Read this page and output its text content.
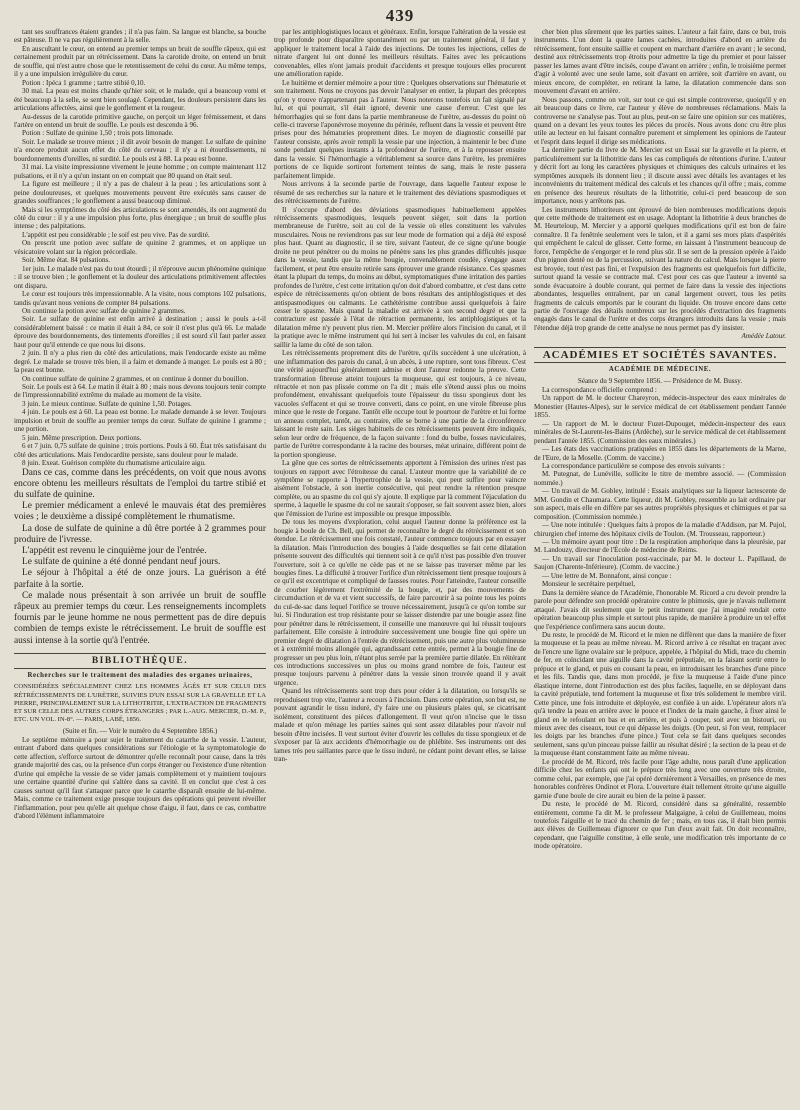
439

tant ses souffrances étaient grandes ; il n'a pas faim. Sa langue est blanche, sa bouche est pâteuse. Il ne va pas régulièrement à la selle.

En auscultant le cœur, on entend au premier temps un bruit de souffle râpeux, qui est certainement produit par un rétrécissement. Dans la carotide droite, on entend un bruit de souffle, qui n'est autre chose que le retentissement de celui du cœur. Au même temps, il y a une impulsion irrégulière du cœur.

Potion : Ipéca 1 gramme ; tartre stibié 0,10.

30 mai. La peau est moins chaude qu'hier soir, et le malade, qui a beaucoup vomi et été beaucoup à la selle, se sent bien soulagé. Cependant, les douleurs persistent dans les articulations affectées, ainsi que le gonflement et la rougeur.

Au-dessus de la carotide primitive gauche, on perçoit un léger frémissement, et dans l'artère on entend un bruit de souffle. Le pouls est descendu à 96.

Potion : Sulfate de quinine 1,50 ; trois pots limonade.

Soir. Le malade se trouve mieux ; il dit avoir besoin de manger. Le sulfate de quinine n'a encore produit aucun effet du côté du cerveau ; il n'y a ni étourdissements, ni bourdonnements d'oreilles, ni surdité. Le pouls est à 88. La peau est bonne.

31 mai. La visite impressionne vivement le jeune homme ; on compte maintenant 112 pulsations, et il n'y a qu'un instant on en comptait que 80 quand on était seul.

La figure est meilleure ; il n'y a pas de chaleur à la peau ; les articulations sont à peine douloureuses, et quelques mouvements peuvent être exécutés sans causer de grandes souffrances ; le gonflement a aussi beaucoup diminué.

Mais si les symptômes du côté des articulations se sont amendés, ils ont augmenté du côté du cœur : il y a une impulsion plus forte, plus énergique ; un bruit de souffle plus intense ; des palpitations.

L'appétit est peu considérable ; le soif est peu vive. Pas de surdité.

On prescrit une potion avec sulfate de quinine 2 grammes, et on applique un vésicatoire volant sur la région précordiale.

Soir. Même état. 84 pulsations.

1er juin. Le malade n'est pas du tout étourdi ; il n'éprouve aucun phénomène quinique : il se trouve bien ; le gonflement et la douleur des articulations primitivement affectées ont disparu.

Le cœur est toujours très impressionnable. A la visite, nous comptons 102 pulsations, tandis qu'avant nous venions de compter 84 pulsations.

On continue la potion avec sulfate de quinine 2 grammes.

Soir. Le sulfate de quinine est enfin arrivé à destination ; aussi le pouls a-t-il considérablement baissé : ce matin il était à 84, ce soir il n'est plus qu'à 66. Le malade éprouve des bourdonnements, des tintements d'oreilles ; il est sourd s'il faut parler assez haut pour qu'il entende ce que nous lui disons.

2 juin. Il n'y a plus rien du côté des articulations, mais l'endocarde existe au même degré. Le malade se trouve très bien, il a faim et demande à manger. Le pouls est à 80 ; la peau est bonne.

On continue sulfate de quinine 2 grammes, et on continue à donner du bouillon.

Soir. Le pouls est à 64. Le matin il était à 80 ; mais nous devons toujours tenir compte de l'impressionnabilité extrême du malade au moment de la visite.

3 juin. Le mieux continue. Sulfate de quinine 1,50. Potages.

4 juin. Le pouls est à 60. La peau est bonne. Le malade demande à se lever. Toujours impulsion et bruit de souffle au premier temps du cœur. Sulfate de quinine 1 gramme ; une portion.

5 juin. Même prescription. Deux portions.

6 et 7 juin. 0,75 sulfate de quinine ; trois portions. Pouls à 60. État très satisfaisant du côté des articulations. Mais l'endocardite persiste, sans douleur pour le malade.

8 juin. Exeat. Guérison complète du rhumatisme articulaire aigu.

Dans ce cas, comme dans les précédents, on voit que nous avons encore obtenu les meilleurs résultats de l'emploi du tartre stibié et du sulfate de quinine.

Le premier médicament a enlevé le mauvais état des premières voies ; le deuxième a dissipé complètement le rhumatisme.

La dose de sulfate de quinine a dû être portée à 2 grammes pour produire de l'ivresse.

L'appétit est revenu le cinquième jour de l'entrée.

Le sulfate de quinine a été donné pendant neuf jours.

Le séjour à l'hôpital a été de onze jours. La guérison a été parfaite à la sortie.

Ce malade nous présentait à son arrivée un bruit de souffle râpeux au premier temps du cœur. Les renseignements incomplets fournis par le jeune homme ne nous permettent pas de dire depuis combien de temps existe le rétrécissement. Le bruit de souffle est aussi intense à la sortie qu'à l'entrée.

BIBLIOTHÈQUE.
Recherches sur le traitement des maladies des organes urinaires,
CONSIDÉRÉES SPÉCIALEMENT CHEZ LES HOMMES ÂGÉS ET SUR CELUI DES RÉTRÉCISSEMENTS DE L'URÈTRE, SUIVIES D'UN ESSAI SUR LA GRAVELLE ET LA PIERRE, PRINCIPALEMENT SUR LA LITHOTRITIE, L'EXTRACTION DE FRAGMENTS ET SUR CELLE DES AUTRES CORPS ÉTRANGERS ; PAR L.-AUG. MERCIER, D.-M. P., ETC. UN VOL. IN-8°. — PARIS, LABÉ, 1856.

(Suite et fin. — Voir le numéro du 4 Septembre 1856.)

Le septième mémoire a pour sujet le traitement du catarrhe de la vessie. L'auteur, entrant d'abord dans quelques considérations sur l'étiologie et la symptomatologie de cette affection, s'efforce surtout de démontrer qu'elle reconnaît pour cause, dans la très grande majorité des cas, ou la présence d'un corps étranger ou l'existence d'une rétention d'urine qui empêche la vessie de se vider jamais complètement et y maintient toujours une certaine quantité d'urine qui s'altère dans sa cavité. Il en conclut que c'est à ces causes surtout qu'il faut s'attaquer parce que le catarrhe disparaît ensuite de lui-même. Mais, comme ce traitement exige presque toujours des opérations qui peuvent réveiller l'inflammation, pour peu qu'elle ait quelque chose d'aigu, il faut, dans ce cas, combattre d'abord l'élément inflammatoire

par les antiphlogistiques locaux et généraux. Enfin, lorsque l'altération de la vessie est trop profonde pour disparaître spontanément ou par un traitement général, il faut y appliquer le traitement local à l'aide des injections. De toutes les injections, celles de nitrate d'argent lui ont donné les meilleurs résultats. Faites avec les précautions convenables, elles n'ont jamais produit d'accidents et presque toujours elles procurent une amélioration rapide.

Le huitième et dernier mémoire a pour titre : Quelques observations sur l'hématurie et son traitement. Nous ne croyons pas devoir l'analyser en entier, la plupart des préceptes qu'on y trouve n'appartenant pas à l'auteur. Nous noterons toutefois un fait signalé par lui, et qui pourrait, s'il était ignoré, devenir une cause d'erreur. C'est que les hémorrhagies qui se font dans la partie membraneuse de l'urètre, au-dessus du point où celle-ci traverse l'aponévrose moyenne du périnée, refluent dans la vessie et peuvent être prises pour des hématuries proprement dites. Le moyen de diagnostic conseillé par l'auteur consiste, après avoir rempli la vessie par une injection, à maintenir le bec d'une sonde pendant quelques instants à la profondeur de l'urètre, et à la repousser ensuite dans la vessie. Si l'hémorrhagie a véritablement sa source dans l'urètre, les premières portions de ce liquide sortiront fortement teintes de sang, mais le reste passera parfaitement limpide.

Nous arrivons à la seconde partie de l'ouvrage, dans laquelle l'auteur expose le résumé de ses recherches sur la nature et le traitement des déviations spasmodiques et des rétrécissements de l'urètre.

Il s'occupe d'abord des déviations spasmodiques habituellement appelées rétrécissements spasmodiques, lesquels peuvent siéger, soit dans la portion membraneuse de l'urètre, soit au col de la vessie où elles constituent les valvules musculaires. Nous ne reviendrons pas sur leur mode de formation qui a déjà été exposé plus haut. Quant au diagnostic, il se tire, suivant l'auteur, de ce signe qu'une bougie droite ne peut pénétrer ou du moins ne pénètre sans les plus grandes difficultés jusque dans la vessie, tandis que la même bougie, convenablement coudée, s'engage assez facilement, et peut être ensuite retirée sans éprouver une grande résistance. Ces spasmes étant la plupart du temps, du moins au début, symptomatiques d'une irritation des parties profondes de l'urètre, c'est cette irritation qu'on doit d'abord combattre, et c'est dans cette espèce de rétrécissements qu'on obtient de bons résultats des antiphlogistiques et des antispasmodiques ou calmants. Le cathétérisme contribue aussi quelquefois à faire cesser le spasme. Mais quand la maladie est arrivée à son second degré et que la contracture est passée à l'état de rétraction permanente, les antiphlogistiques et la dilatation même n'y peuvent plus rien. M. Mercier préfère alors l'incision du canal, et il la pratique avec le même instrument qui lui sert à inciser les valvules du col, en faisant saillir la lame du côté de son talon.

Les rétrécissements proprement dits de l'urètre, qu'ils succèdent à une ulcération, à une inflammation des parois du canal, à un abcès, à une rupture, sont tous fibreux. C'est une vérité aujourd'hui généralement admise et dont l'auteur redonne la preuve. Cette transformation fibreuse atteint toujours la muqueuse, qui est toujours, à ce niveau, rétractée et non pas plissée comme on l'a dit ; mais elle s'étend aussi plus ou moins profondément, envahissant quelquefois toute l'épaisseur du tissu spongieux dont les vacuoles s'effacent et qui se trouve converti, dans ce point, en une virole fibreuse plus mince que le reste de l'organe. Tantôt elle occupe tout le pourtour de l'urètre et lui forme un anneau complet, tantôt, au contraire, elle se borne à une partie de la circonférence laissant le reste sain. Les sièges habituels de ces rétrécissements peuvent être indiqués, selon leur ordre de fréquence, de la façon suivante : fond du bulbe, fosses naviculaires, partie de l'urètre correspondante à la racine des bourses, méat urinaire, différent point de la portion spongieuse.

La gêne que ces sortes de rétrécissements apportent à l'émission des urines n'est pas toujours en rapport avec l'étroitesse du canal. L'auteur montre que la variabilité de ce symptôme se rapporte à l'hypertrophie de la vessie, qui peut suffire pour vaincre aisément l'obstacle, à son inertie consécutive, qui peut rendre la rétention presque complète, ou au spasme du col qui s'y ajoute. Il explique par là comment l'éjaculation du sperme, à laquelle le spasme du col ne saurait s'opposer, se fait souvent assez bien, alors que l'émission de l'urine est impossible ou presque impossible.

De tous les moyens d'exploration, celui auquel l'auteur donne la préférence est la bougie à boule de Ch. Bell, qui permet de reconnaître le degré du rétrécissement et son étendue. Le rétrécissement une fois constaté, l'auteur commence toujours par en essayer la dilatation. Mais l'introduction des bougies à l'aide desquelles se fait cette dilatation présente souvent des difficultés qui tiennent soit à ce qu'il n'est pas possible d'en trouver l'ouverture, soit à ce qu'elle ne cède pas et ne se laisse pas traverser même par les bougies fines. La difficulté à trouver l'orifice d'un rétrécissement tient presque toujours à ce qu'il est excentrique et compliqué de fausses routes. Pour l'atteindre, l'auteur conseille de courber légèrement l'extrémité de la bougie, et, par des mouvements de circumduction et de va et vient successifs, de faire parcourir à sa pointe tous les points du cul-de-sac dans lequel l'orifice se trouve nécessairement, jusqu'à ce qu'on tombe sur lui. Si l'induration est trop résistante pour se laisser distendre par une bougie assez fine pour pénétrer dans le rétrécissement, il conseille une manœuvre qui lui réussit toujours parfaitement. Elle consiste à introduire successivement une bougie fine qui opère un premier degré de dilatation à l'entrée du rétrécissement, puis une autre plus volumineuse et à extrémité moins allongée qui, agrandissant cette entrée, permet à la bougie fine de progresser un peu plus loin, n'étant plus serrée par la première partie dilatée. En réitérant ces introductions successives un plus ou moins grand nombre de fois, l'auteur est presque toujours parvenu à pénétrer dans la vessie sinon trouvée quand il y avait urgence.

Quand les rétrécissements sont trop durs pour céder à la dilatation, ou lorsqu'ils se reproduisent trop vite, l'auteur a recours à l'incision. Dans cette opération, son but est, ne pouvant agrandir le tissu induré, d'y faire une ou plusieurs plaies qui, se cicatrisant isolément, constituent des pièces d'allongement. Il veut qu'on n'incise que le tissu malade et qu'on ménage les parties saines qui sont assez dilatables pour n'avoir nul besoin d'être incisées. Il veut surtout éviter d'ouvrir les cellules du tissu spongieux et de s'exposer par là aux accidents d'hémorrhagie ou de phlébite. Ses instruments ont des lames très peu saillantes parce que le tissu induré, ne cédant point devant elles, se laisse tran-

cher bien plus sûrement que les parties saines. L'auteur a fait faire, dans ce but, trois instruments. L'un dont la quatre lames cachées, introduites d'abord en arrière du rétrécissement, font ensuite saillie et coupent en marchant d'arrière en avant ; le second, destiné aux rétrécissements trop étroits pour admettre la tige du premier et pour laisser passer les lames avant d'être incisés, coupe d'avant en arrière ; enfin, le troisième permet d'agir à volonté avec une seule lame, soit d'avant en arrière, soit d'arrière en avant, ou mieux encore, de compléter, en retirant la lame, la dilatation commencée dans son mouvement d'avant en arrière.

Nous passons, comme on voit, sur tout ce qui est simple controverse, quoiqu'il y en ait beaucoup dans ce livre, car l'auteur y élève de nombreuses réclamations. Mais la controverse ne s'analyse pas. Tout au plus, peut-on se faire une opinion sur ces matières, quand on a devant les yeux toutes les pièces du procès. Nous avons donc cru être plus utile au lecteur en lui faisant connaître purement et simplement les opinions de l'auteur et l'esprit dans lequel il dirige ses médications.

La dernière partie du livre de M. Mercier est un Essai sur la gravelle et la pierre, et particulièrement sur la lithotritie dans les cas compliqués de rétentions d'urine. L'auteur y décrit fort au long les caractères physiques et chimiques des calculs urinaires et les symptômes auxquels ils donnent lieu ; il discute aussi avec détails les avantages et les inconvénients du traitement médical des calculs et les chances qu'il offre ; mais, comme en présence des heureux résultats de la lithotritie, celui-ci perd beaucoup de son importance, nous y arrêtons pas.

Les instruments lithotriteurs ont éprouvé de bien nombreuses modifications depuis que cette méthode de traitement est en usage. Adoptant la lithotritie à deux branches de M. Heurteloup, M. Mercier y a apporté quelques modifications qu'il est bon de faire connaître. Il l'a fenêtrée seulement vers le talon, et il a garni ses mors plats d'aspérités qui empêchent le calcul de glisser. Cette forme, en laissant à l'instrument beaucoup de force, l'empêche de s'engorger et le rend plus sûr. Il se sert de la pression opérée à l'aide d'un pignon denté ou de la percussion, suivant la nature du calcul. Mais lorsque la pierre est broyée, tout n'est pas fini, et l'expulsion des fragments est quelquefois fort difficile, surtout quand la vessie se contracte mal. C'est pour ces cas que l'auteur a inventé sa sonde évacuatoire à double courant, qui permet de faire dans la vessie des injections abondantes, lesquelles entraînent, par un canal largement ouvert, tous les petits fragments de calculs emportés par le courant du liquide. On trouve encore dans cette partie de l'ouvrage des détails nombreux sur les procédés d'extraction des fragments engagés dans le canal de l'urètre et des corps étrangers introduits dans la vessie ; mais l'étendue déjà trop grande de cette analyse ne nous permet pas d'y insister.

Amédée Latour.

ACADÉMIES ET SOCIÉTÉS SAVANTES.
ACADÉMIE DE MÉDECINE.

Séance du 9 Septembre 1856. — Présidence de M. Bussy.

La correspondance officielle comprend :

Un rapport de M. le docteur Chareyron, médecin-inspecteur des eaux minérales de Monestier (Hautes-Alpes), sur le service médical de cet établissement pendant l'année 1855.

— Un rapport de M. le docteur Fuzet-Dupouget, médecin-inspecteur des eaux minérales de St-Laurent-les-Bains (Ardèche), sur le service médical de cet établissement pendant l'année 1855. (Commission des eaux minérales.)

— Les états des vaccinations pratiquées en 1855 dans les départements de la Marne, de l'Eure, de la Moselle. (Comm. de vaccine.)

La correspondance particulière se compose des envois suivants :

M. Putegnat, de Lunéville, sollicite le titre de membre associé. — (Commission nommée.)

— Un travail de M. Gobley, intitulé : Essais analytiques sur la liqueur lactescente de MM. Gondin et Chaumara. Cette liqueur, dit M. Gobley, ressemble au lait ordinaire par son aspect, mais elle en diffère par ses autres propriétés physiques et chimiques et par sa composition. (Commission nommée.)

— Une note intitulée : Quelques faits à propos de la maladie d'Addison, par M. Pujol, chirurgien chef interne des hôpitaux civils de Toulon. (M. Trousseau, rapporteur.)

— Un mémoire ayant pour titre : De la respiration amphorique dans la pleurésie, par M. Landouzy, directeur de l'École de médecine de Reims.

— Un travail sur l'inoculation post-vaccinale, par M. le docteur L. Papillaud, de Saujon (Charente-Inférieure). (Comm. de vaccine.)

— Une lettre de M. Bonnafont, ainsi conçue :

Monsieur le secrétaire perpétuel,

Dans la dernière séance de l'Académie, l'honorable M. Ricord a cru devoir prendre la parole pour défendre son procédé opératoire contre le phimosis, que je n'avais nullement attaqué. J'avais dit seulement que le petit instrument que j'ai imaginé rendait cette opération beaucoup plus simple et surtout plus rapide, de manière à produire un tel effet que l'expérience confirmera sans aucun doute.

Du reste, le procédé de M. Ricord et le mien ne diffèrent que dans la manière de fixer la muqueuse et la peau au même niveau. M. Ricord arrive à ce résultat en traçant avec de l'encre une ligne ovalaire sur le prépuce, appelée, à l'hôpital du Midi, trace du chemin de fer, en coïncidant une aiguille dans la cavité préputiale, en la faisant sortir entre le prépuce et le gland, et puis en cousant la peau, en introduisant les branches d'une pince et les fils. Tandis que, dans mon procédé, je fixe la muqueuse à l'aide d'une pince élastique interne, dont l'introduction est des plus faciles, laquelle, en se déployant dans la cavité préputiale, tend fortement la muqueuse et fixe très solidement le membre viril. Cette pince, une fois introduite et déployée, est confiée à un aide. L'opérateur alors n'a qu'à tendre la peau en arrière avec le pouce et l'index de la main gauche, à fixer ainsi le gland en le refoulant en bas et en arrière, et puis à couper, soit avec un bistouri, ou mieux avec des ciseaux, tout ce qui dépasse les doigts. (On peut, si l'on veut, remplacer les doigts par les branches d'une pince.) Tout cela se fait dans quelques secondes seulement, sans qu'un pinceau puisse faillir au résultat désiré ; la section de la peau et de la muqueuse étant constamment faite au même niveau.

Le procédé de M. Ricord, très facile pour l'âge adulte, nous paraît d'une application difficile chez les enfants qui ont le prépuce très long avec une ouverture très étroite, comme celui, par exemple, que j'ai opéré dernièrement à Versailles, en présence de mes honorables confrères Ondinot et Flora. L'ouverture était tellement étroite qu'une aiguille garnie d'une boule de cire aurait eu bien de la peine à passer.

Du reste, le procédé de M. Ricord, considéré dans sa généralité, ressemble entièrement, comme l'a dit M. le professeur Malgaigne, à celui de Guillemeau, moins toutefois l'aiguille et le tracé du chemin de fer ; mais, en tous cas, il était bien permis aux élèves de Guillemeau d'ignorer ce que l'un d'eux avait fait. On doit reconnaître, cependant, que l'aiguille constitue, à elle seule, une modification très importante de ce mode opératoire.
